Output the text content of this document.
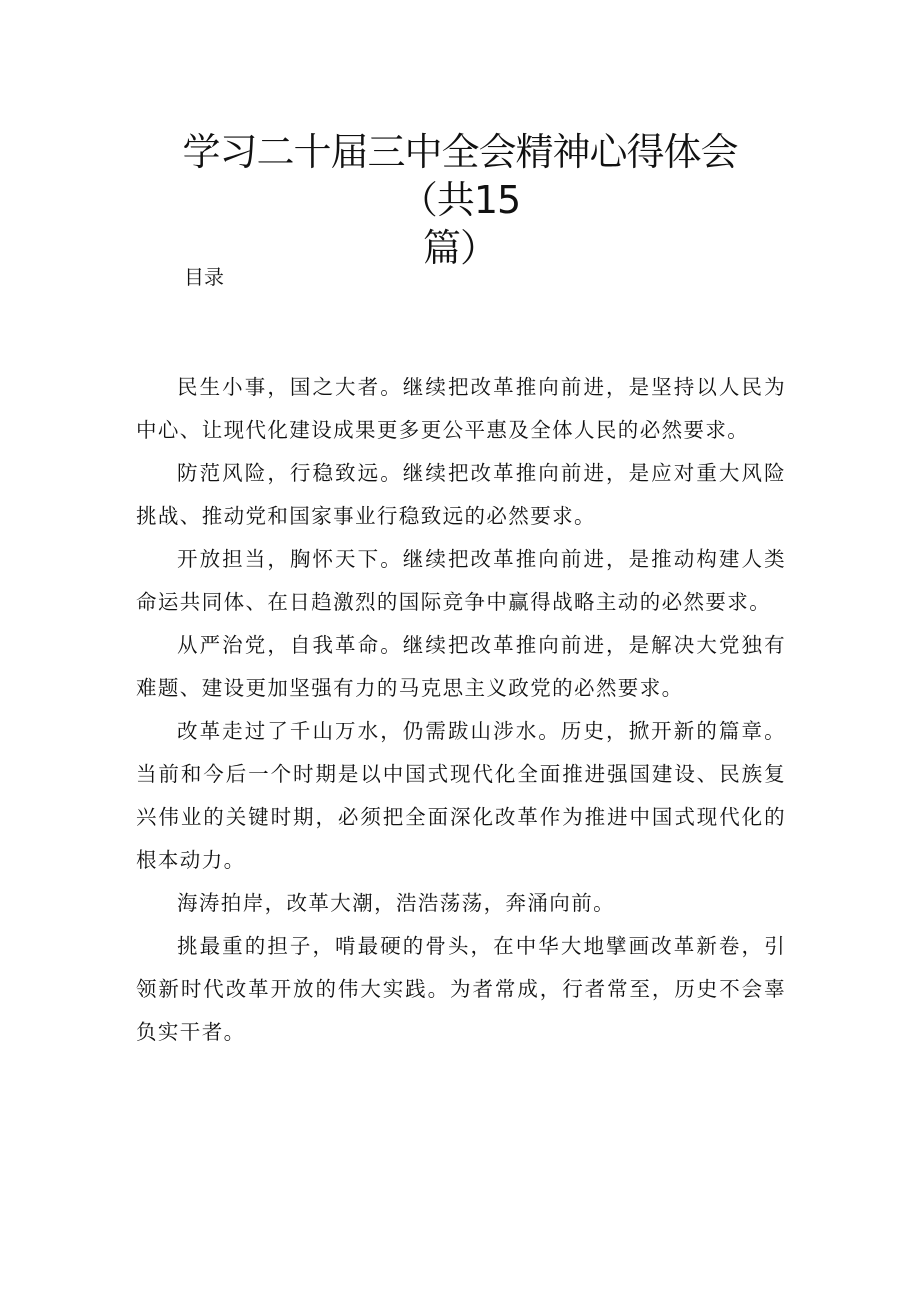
学习二十届三中全会精神心得体会（共15
篇）

目录

民生小事，国之大者。继续把改革推向前进，是坚持以人民为中心、让现代化建设成果更多更公平惠及全体人民的必然要求。

防范风险，行稳致远。继续把改革推向前进，是应对重大风险挑战、推动党和国家事业行稳致远的必然要求。

开放担当，胸怀天下。继续把改革推向前进，是推动构建人类命运共同体、在日趋激烈的国际竞争中赢得战略主动的必然要求。

从严治党，自我革命。继续把改革推向前进，是解决大党独有难题、建设更加坚强有力的马克思主义政党的必然要求。

改革走过了千山万水，仍需跋山涉水。历史，掀开新的篇章。当前和今后一个时期是以中国式现代化全面推进强国建设、民族复兴伟业的关键时期，必须把全面深化改革作为推进中国式现代化的根本动力。

海涛拍岸，改革大潮，浩浩荡荡，奔涌向前。

挑最重的担子，啃最硬的骨头，在中华大地擘画改革新卷，引领新时代改革开放的伟大实践。为者常成，行者常至，历史不会辜负实干者。
